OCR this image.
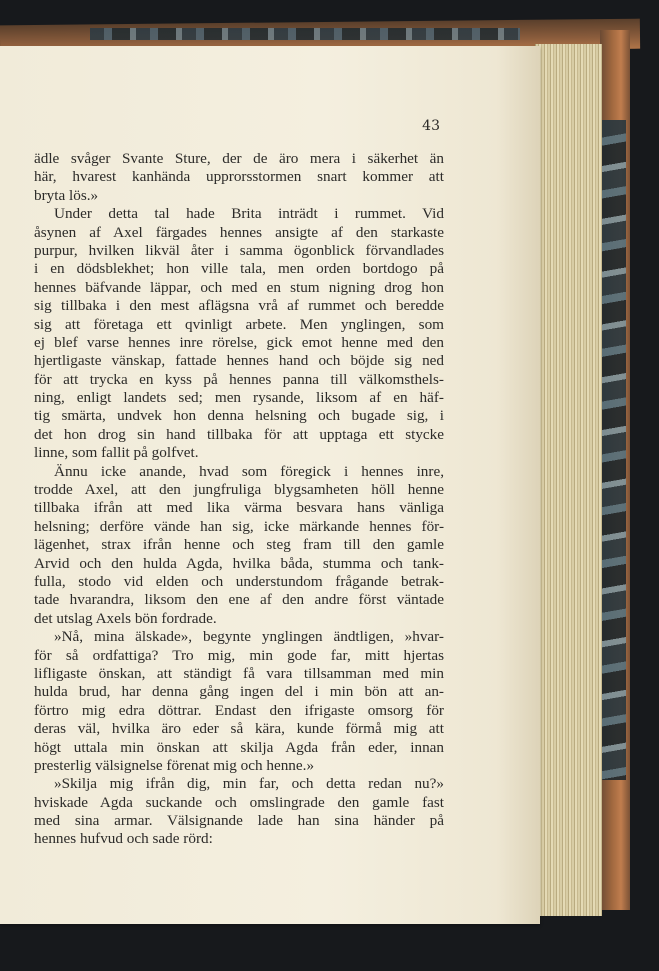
43
ädle svåger Svante Sture, der de äro mera i säkerhet än
här, hvarest kanhända upprorsstormen snart kommer att
bryta lös.»
Under detta tal hade Brita inträdt i rummet. Vid
åsynen af Axel färgades hennes ansigte af den starkaste
purpur, hvilken likväl åter i samma ögonblick förvandlades
i en dödsblekhet; hon ville tala, men orden bortdogo på
hennes bäfvande läppar, och med en stum nigning drog hon
sig tillbaka i den mest aflägsna vrå af rummet och beredde
sig att företaga ett qvinligt arbete. Men ynglingen, som
ej blef varse hennes inre rörelse, gick emot henne med den
hjertligaste vänskap, fattade hennes hand och böjde sig ned
för att trycka en kyss på hennes panna till välkomsthels-
ning, enligt landets sed; men rysande, liksom af en häf-
tig smärta, undvek hon denna helsning och bugade sig, i
det hon drog sin hand tillbaka för att upptaga ett stycke
linne, som fallit på golfvet.
Ännu icke anande, hvad som föregick i hennes inre,
trodde Axel, att den jungfruliga blygsamheten höll henne
tillbaka ifrån att med lika värma besvara hans vänliga
helsning; derföre vände han sig, icke märkande hennes för-
lägenhet, strax ifrån henne och steg fram till den gamle
Arvid och den hulda Agda, hvilka båda, stumma och tank-
fulla, stodo vid elden och understundom frågande betrak-
tade hvarandra, liksom den ene af den andre först väntade
det utslag Axels bön fordrade.
»Nå, mina älskade», begynte ynglingen ändtligen, »hvar-
för så ordfattiga? Tro mig, min gode far, mitt hjertas
lifligaste önskan, att ständigt få vara tillsamman med min
hulda brud, har denna gång ingen del i min bön att an-
förtro mig edra döttrar. Endast den ifrigaste omsorg för
deras väl, hvilka äro eder så kära, kunde förmå mig att
högt uttala min önskan att skilja Agda från eder, innan
presterlig välsignelse förenat mig och henne.»
»Skilja mig ifrån dig, min far, och detta redan nu?»
hviskade Agda suckande och omslingrade den gamle fast
med sina armar. Välsignande lade han sina händer på
hennes hufvud och sade rörd:
